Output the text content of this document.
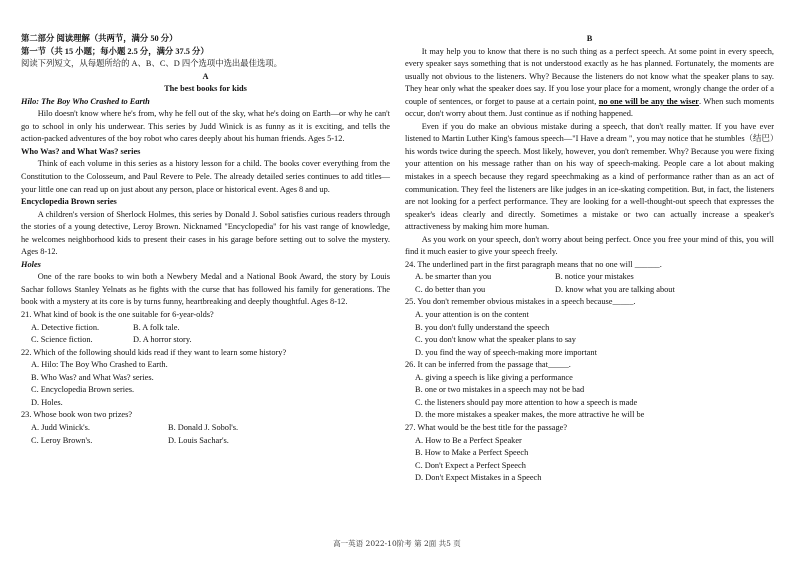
第二部分 阅读理解（共两节，满分 50 分）

第一节（共 15 小题；每小题 2.5 分，满分 37.5 分）

阅读下列短文，从每题所给的 A、B、C、D 四个选项中选出最佳选项。

A

The best books for kids

Hilo: The Boy Who Crashed to Earth

Hilo doesn't know where he's from, why he fell out of the sky, what he's doing on Earth—or why he can't go to school in only his underwear. This series by Judd Winick is as funny as it is exciting, and tells the action-packed adventures of the boy robot who cares deeply about his human friends. Ages 5-12.

Who Was? and What Was? series

Think of each volume in this series as a history lesson for a child. The books cover everything from the Constitution to the Colosseum, and Paul Revere to Pele. The already detailed series continues to add titles—your little one can read up on just about any person, place or historical event. Ages 8 and up.

Encyclopedia Brown series

A children's version of Sherlock Holmes, this series by Donald J. Sobol satisfies curious readers through the stories of a young detective, Leroy Brown. Nicknamed "Encyclopedia" for his vast range of knowledge, he welcomes neighborhood kids to present their cases in his garage before setting out to solve the mystery. Ages 8-12.

Holes

One of the rare books to win both a Newbery Medal and a National Book Award, the story by Louis Sachar follows Stanley Yelnats as he fights with the curse that has followed his family for generations. The book with a mystery at its core is by turns funny, heartbreaking and deeply thoughtful. Ages 8-12.

21. What kind of book is the one suitable for 6-year-olds?

A. Detective fiction.	B. A folk tale.
C. Science fiction.	D. A horror story.

22. Which of the following should kids read if they want to learn some history?

A. Hilo: The Boy Who Crashed to Earth.

B. Who Was? and What Was? series.

C. Encyclopedia Brown series.

D. Holes.

23. Whose book won two prizes?

A. Judd Winick's.	B. Donald J. Sobol's.
C. Leroy Brown's.	D. Louis Sachar's.

B

It may help you to know that there is no such thing as a perfect speech. At some point in every speech, every speaker says something that is not understood exactly as he has planned. Fortunately, the moments are usually not obvious to the listeners. Why? Because the listeners do not know what the speaker plans to say. They hear only what the speaker does say. If you lose your place for a moment, wrongly change the order of a couple of sentences, or forget to pause at a certain point, no one will be any the wiser. When such moments occur, don't worry about them. Just continue as if nothing happened.

Even if you do make an obvious mistake during a speech, that don't really matter. If you have ever listened to Martin Luther King's famous speech—"I Have a dream ", you may notice that he stumbles（结巴）his words twice during the speech. Most likely, however, you don't remember. Why? Because you were fixing your attention on his message rather than on his way of speech-making. People care a lot about making mistakes in a speech because they regard speechmaking as a kind of performance rather than as an act of communication. They feel the listeners are like judges in an ice-skating competition. But, in fact, the listeners are not looking for a perfect performance. They are looking for a well-thought-out speech that expresses the speaker's ideas clearly and directly. Sometimes a mistake or two can actually increase a speaker's attractiveness by making him more human.

As you work on your speech, don't worry about being perfect. Once you free your mind of this, you will find it much easier to give your speech freely.

24. The underlined part in the first paragraph means that no one will ______.

A. be smarter than you	B. notice your mistakes
C. do better than you	D. know what you are talking about

25. You don't remember obvious mistakes in a speech because_____.

A. your attention is on the content

B. you don't fully understand the speech

C. you don't know what the speaker plans to say

D. you find the way of speech-making more important

26. It can be inferred from the passage that_____.

A. giving a speech is like giving a performance

B. one or two mistakes in a speech may not be bad

C. the listeners should pay more attention to how a speech is made

D. the more mistakes a speaker makes, the more attractive he will be

27. What would be the best title for the passage?

A. How to Be a Perfect Speaker

B. How to Make a Perfect Speech

C. Don't Expect a Perfect Speech

D. Don't Expect Mistakes in a Speech

高一英语 2022-10阶考 第 2面 共5 页
